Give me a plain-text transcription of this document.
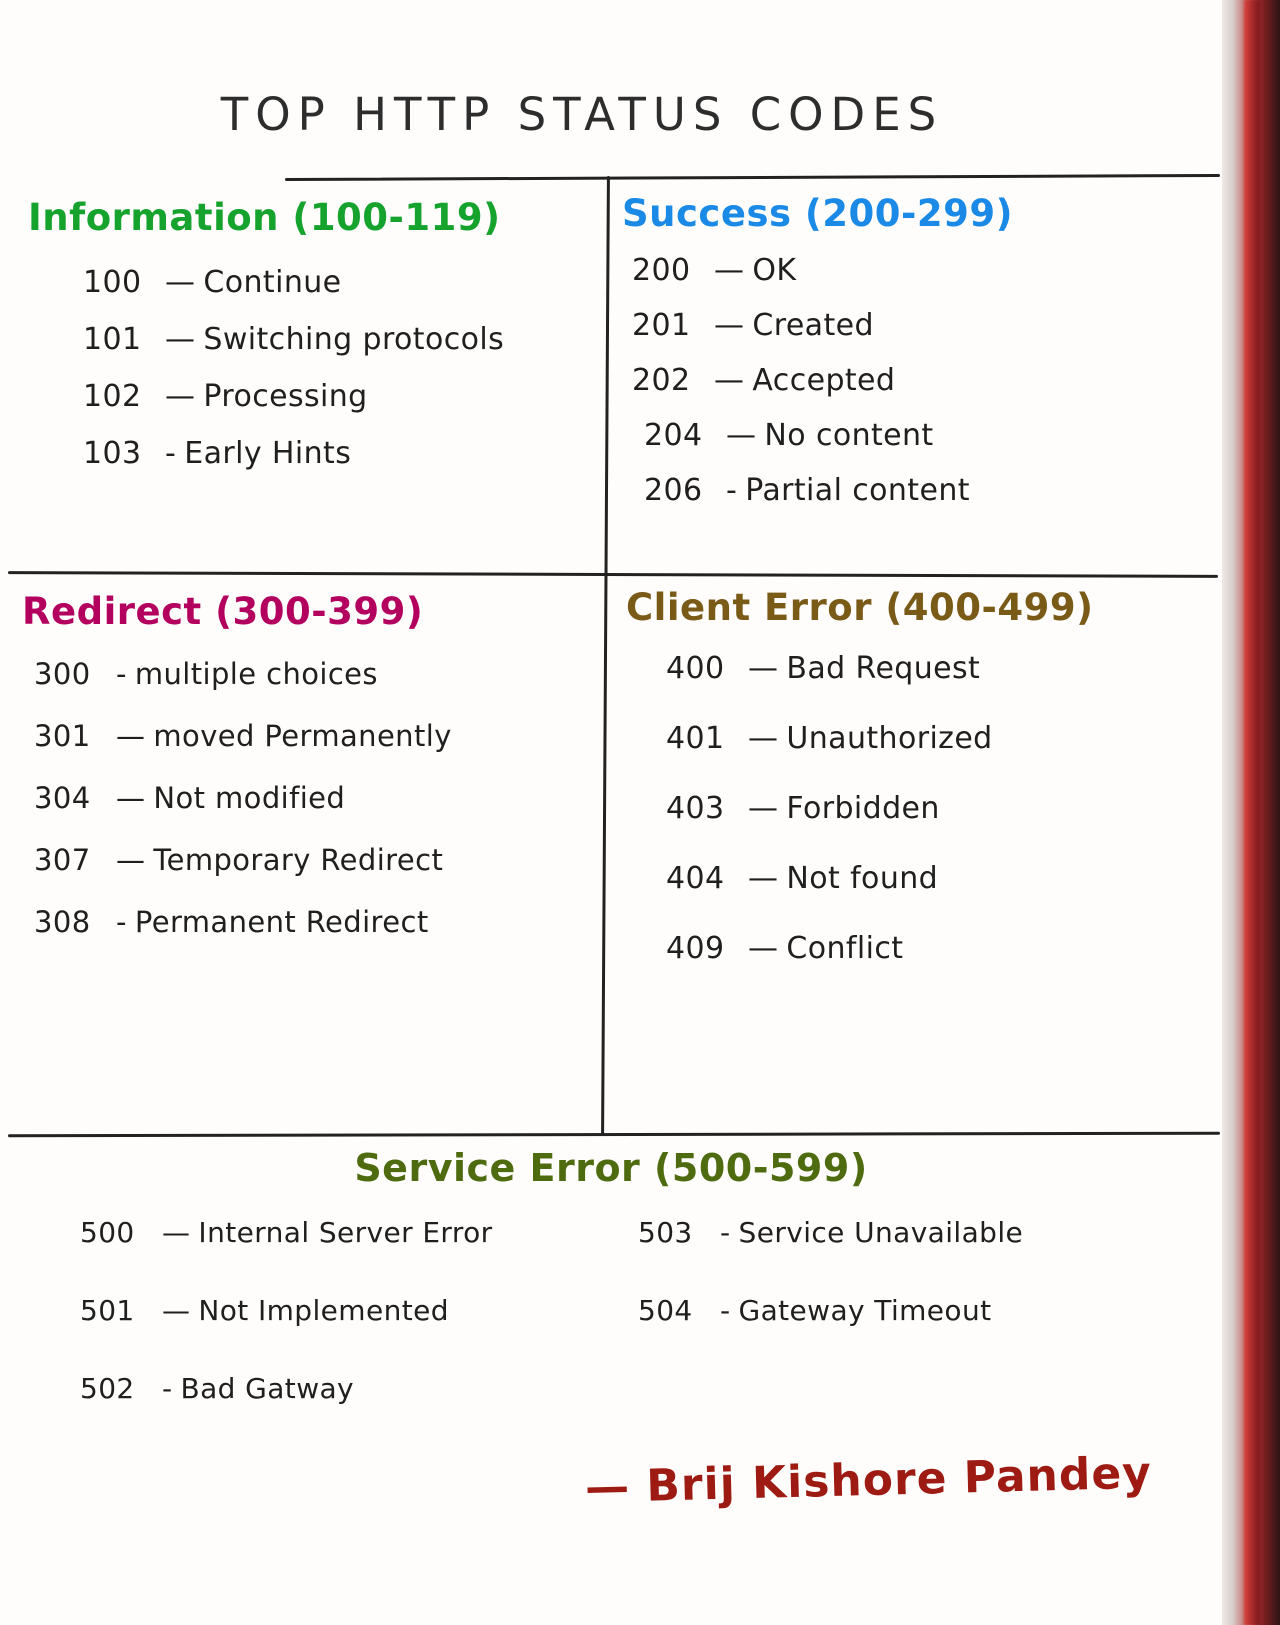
TOP HTTP STATUS CODES
Information (100-119)
100 — Continue
101 — Switching protocols
102 — Processing
103 - Early Hints
Success (200-299)
200 — OK
201 — Created
202 — Accepted
204 — No content
206 - Partial content
Redirect (300-399)
300 - multiple choices
301 — moved Permanently
304 — Not modified
307 — Temporary Redirect
308 - Permanent Redirect
Client Error (400-499)
400 — Bad Request
401 — Unauthorized
403 — Forbidden
404 — Not found
409 — Conflict
Service Error (500-599)
500 — Internal Server Error
501 — Not Implemented
502 - Bad Gatway
503 - Service Unavailable
504 - Gateway Timeout
— Brij Kishore Pandey
